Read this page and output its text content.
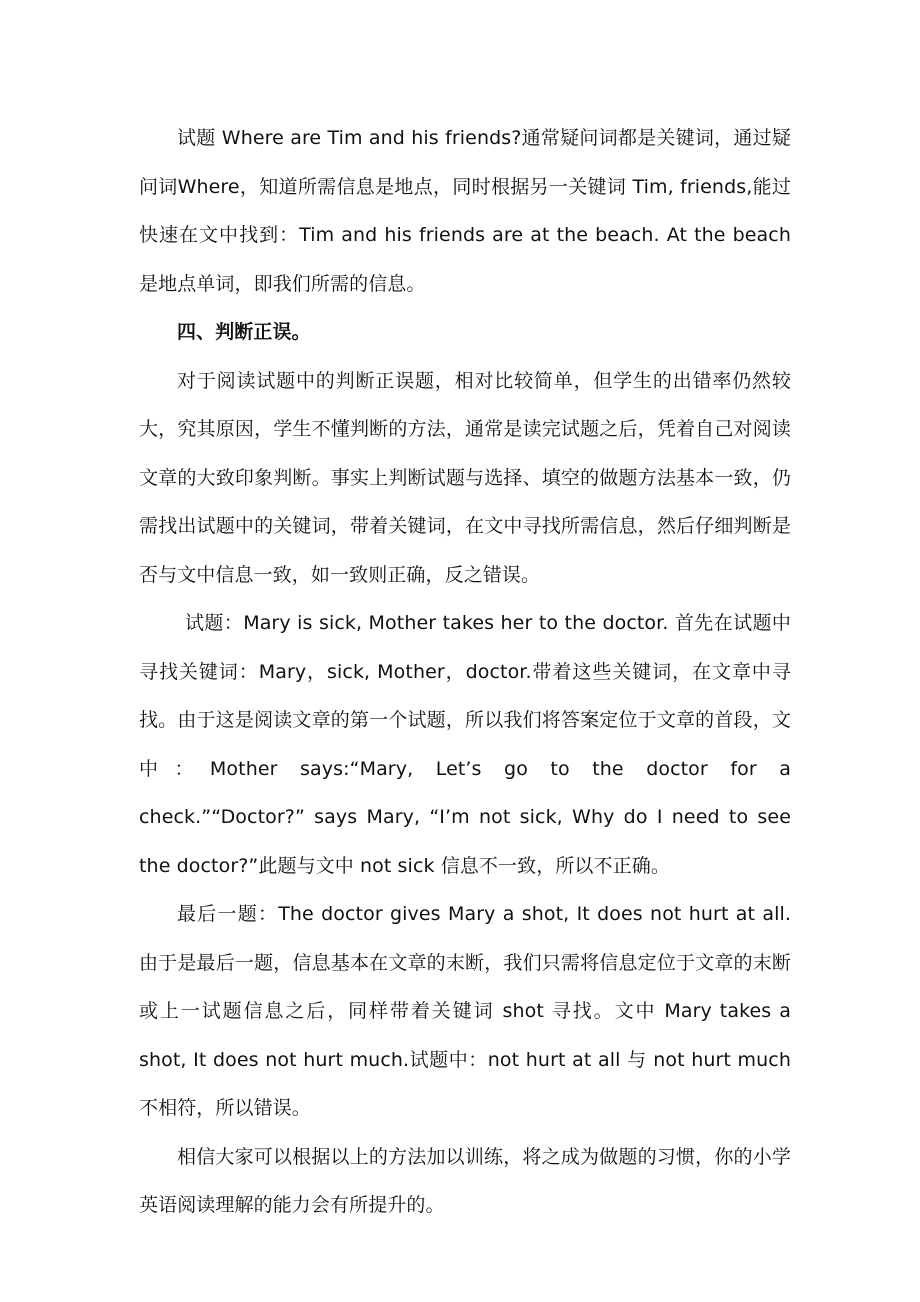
试题 Where are Tim and his friends?通常疑问词都是关键词，通过疑问词Where，知道所需信息是地点，同时根据另一关键词 Tim, friends,能过快速在文中找到：Tim and his friends are at the beach. At the beach 是地点单词，即我们所需的信息。

四、判断正误。

对于阅读试题中的判断正误题，相对比较简单，但学生的出错率仍然较大，究其原因，学生不懂判断的方法，通常是读完试题之后，凭着自己对阅读文章的大致印象判断。事实上判断试题与选择、填空的做题方法基本一致，仍需找出试题中的关键词，带着关键词，在文中寻找所需信息，然后仔细判断是否与文中信息一致，如一致则正确，反之错误。

试题：Mary is sick, Mother takes her to the doctor. 首先在试题中寻找关键词：Mary，sick, Mother，doctor.带着这些关键词，在文章中寻找。由于这是阅读文章的第一个试题，所以我们将答案定位于文章的首段，文中：Mother says:“Mary, Let’s go to the doctor for a check.”“Doctor?” says Mary, “I’m not sick, Why do I need to see the doctor?”此题与文中 not sick 信息不一致，所以不正确。

最后一题：The doctor gives Mary a shot, It does not hurt at all.由于是最后一题，信息基本在文章的末断，我们只需将信息定位于文章的末断或上一试题信息之后，同样带着关键词 shot 寻找。文中 Mary takes a shot, It does not hurt much.试题中：not hurt at all 与 not hurt much 不相符，所以错误。

相信大家可以根据以上的方法加以训练，将之成为做题的习惯，你的小学英语阅读理解的能力会有所提升的。
